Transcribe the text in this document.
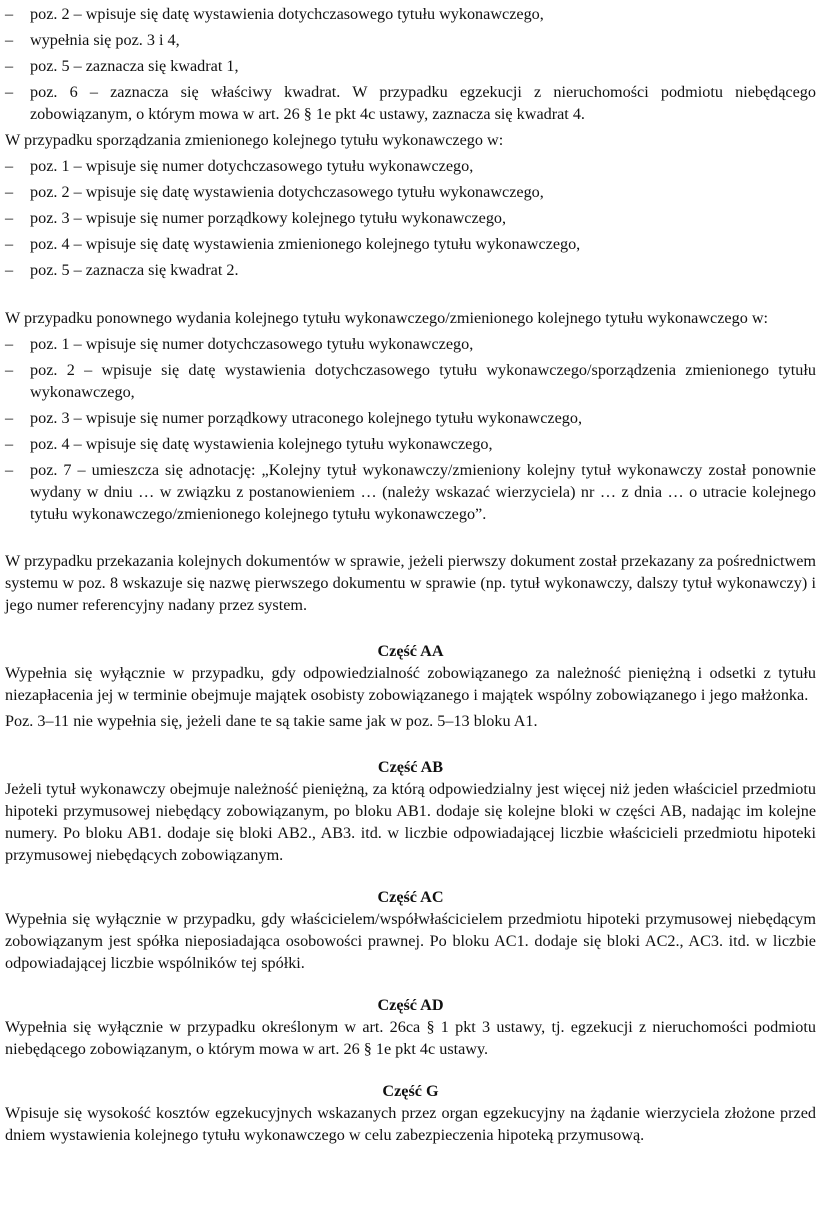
– poz. 2 – wpisuje się datę wystawienia dotychczasowego tytułu wykonawczego,
– wypełnia się poz. 3 i 4,
– poz. 5 – zaznacza się kwadrat 1,
– poz. 6 – zaznacza się właściwy kwadrat. W przypadku egzekucji z nieruchomości podmiotu niebędącego zobowiązanym, o którym mowa w art. 26 § 1e pkt 4c ustawy, zaznacza się kwadrat 4.
W przypadku sporządzania zmienionego kolejnego tytułu wykonawczego w:
– poz. 1 – wpisuje się numer dotychczasowego tytułu wykonawczego,
– poz. 2 – wpisuje się datę wystawienia dotychczasowego tytułu wykonawczego,
– poz. 3 – wpisuje się numer porządkowy kolejnego tytułu wykonawczego,
– poz. 4 – wpisuje się datę wystawienia zmienionego kolejnego tytułu wykonawczego,
– poz. 5 – zaznacza się kwadrat 2.
W przypadku ponownego wydania kolejnego tytułu wykonawczego/zmienionego kolejnego tytułu wykonawczego w:
– poz. 1 – wpisuje się numer dotychczasowego tytułu wykonawczego,
– poz. 2 – wpisuje się datę wystawienia dotychczasowego tytułu wykonawczego/sporządzenia zmienionego tytułu wykonawczego,
– poz. 3 – wpisuje się numer porządkowy utraconego kolejnego tytułu wykonawczego,
– poz. 4 – wpisuje się datę wystawienia kolejnego tytułu wykonawczego,
– poz. 7 – umieszcza się adnotację: „Kolejny tytuł wykonawczy/zmieniony kolejny tytuł wykonawczy został ponownie wydany w dniu … w związku z postanowieniem … (należy wskazać wierzyciela) nr … z dnia … o utracie kolejnego tytułu wykonawczego/zmienionego kolejnego tytułu wykonawczego”.
W przypadku przekazania kolejnych dokumentów w sprawie, jeżeli pierwszy dokument został przekazany za pośrednictwem systemu w poz. 8 wskazuje się nazwę pierwszego dokumentu w sprawie (np. tytuł wykonawczy, dalszy tytuł wykonawczy) i jego numer referencyjny nadany przez system.
Część AA
Wypełnia się wyłącznie w przypadku, gdy odpowiedzialność zobowiązanego za należność pieniężną i odsetki z tytułu niezapłacenia jej w terminie obejmuje majątek osobisty zobowiązanego i majątek wspólny zobowiązanego i jego małżonka.
Poz. 3–11 nie wypełnia się, jeżeli dane te są takie same jak w poz. 5–13 bloku A1.
Część AB
Jeżeli tytuł wykonawczy obejmuje należność pieniężną, za którą odpowiedzialny jest więcej niż jeden właściciel przedmiotu hipoteki przymusowej niebędący zobowiązanym, po bloku AB1. dodaje się kolejne bloki w części AB, nadając im kolejne numery. Po bloku AB1. dodaje się bloki AB2., AB3. itd. w liczbie odpowiadającej liczbie właścicieli przedmiotu hipoteki przymusowej niebędących zobowiązanym.
Część AC
Wypełnia się wyłącznie w przypadku, gdy właścicielem/współwłaścicielem przedmiotu hipoteki przymusowej niebędącym zobowiązanym jest spółka nieposiadająca osobowości prawnej. Po bloku AC1. dodaje się bloki AC2., AC3. itd. w liczbie odpowiadającej liczbie wspólników tej spółki.
Część AD
Wypełnia się wyłącznie w przypadku określonym w art. 26ca § 1 pkt 3 ustawy, tj. egzekucji z nieruchomości podmiotu niebędącego zobowiązanym, o którym mowa w art. 26 § 1e pkt 4c ustawy.
Część G
Wpisuje się wysokość kosztów egzekucyjnych wskazanych przez organ egzekucyjny na żądanie wierzyciela złożone przed dniem wystawienia kolejnego tytułu wykonawczego w celu zabezpieczenia hipoteką przymusową.
